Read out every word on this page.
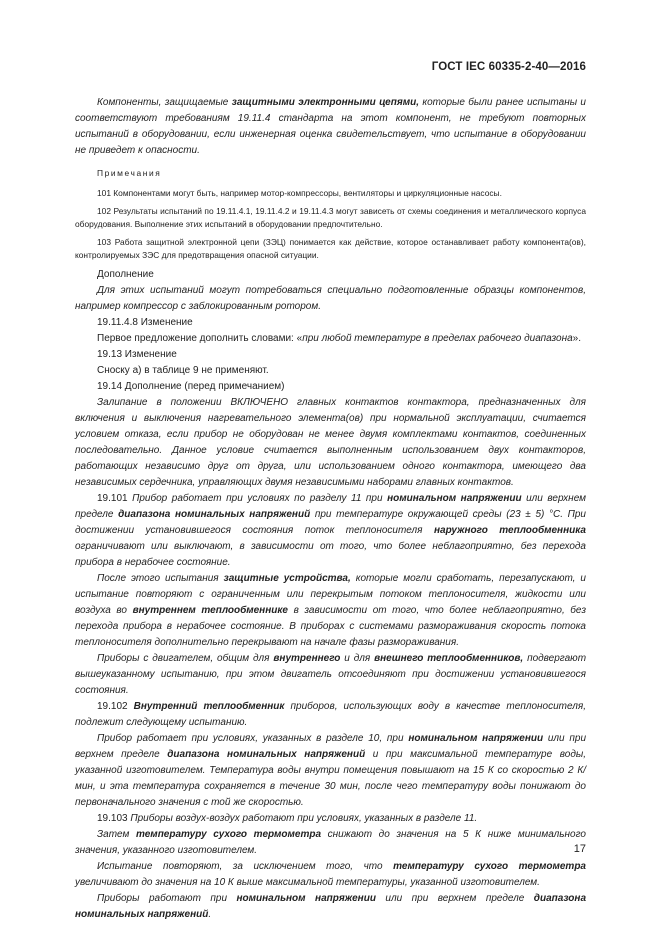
ГОСТ IEC 60335-2-40—2016

Компоненты, защищаемые защитными электронными цепями, которые были ранее испытаны и соответствуют требованиям 19.11.4 стандарта на этот компонент, не требуют повторных испытаний в оборудовании, если инженерная оценка свидетельствует, что испытание в оборудовании не приведет к опасности.

Примечания

101 Компонентами могут быть, например мотор-компрессоры, вентиляторы и циркуляционные насосы.

102 Результаты испытаний по 19.11.4.1, 19.11.4.2 и 19.11.4.3 могут зависеть от схемы соединения и металлического корпуса оборудования. Выполнение этих испытаний в оборудовании предпочтительно.

103 Работа защитной электронной цепи (ЗЭЦ) понимается как действие, которое останавливает работу компонента(ов), контролируемых ЗЭС для предотвращения опасной ситуации.

Дополнение

Для этих испытаний могут потребоваться специально подготовленные образцы компонентов, например компрессор с заблокированным ротором.

19.11.4.8 Изменение

Первое предложение дополнить словами: «при любой температуре в пределах рабочего диапазона».

19.13 Изменение

Сноску а) в таблице 9 не применяют.

19.14 Дополнение (перед примечанием)

Залипание в положении ВКЛЮЧЕНО главных контактов контактора, предназначенных для включения и выключения нагревательного элемента(ов) при нормальной эксплуатации, считается условием отказа, если прибор не оборудован не менее двумя комплектами контактов, соединенных последовательно. Данное условие считается выполненным использованием двух контакторов, работающих независимо друг от друга, или использованием одного контактора, имеющего два независимых сердечника, управляющих двумя независимыми наборами главных контактов.

19.101 Прибор работает при условиях по разделу 11 при номинальном напряжении или верхнем пределе диапазона номинальных напряжений при температуре окружающей среды (23 ± 5) °С. При достижении установившегося состояния поток теплоносителя наружного теплообменника ограничивают или выключают, в зависимости от того, что более неблагоприятно, без перехода прибора в нерабочее состояние.

После этого испытания защитные устройства, которые могли сработать, перезапускают, и испытание повторяют с ограниченным или перекрытым потоком теплоносителя, жидкости или воздуха во внутреннем теплообменнике в зависимости от того, что более неблагоприятно, без перехода прибора в нерабочее состояние. В приборах с системами размораживания скорость потока теплоносителя дополнительно перекрывают на начале фазы размораживания.

Приборы с двигателем, общим для внутреннего и для внешнего теплообменников, подвергают вышеуказанному испытанию, при этом двигатель отсоединяют при достижении установившегося состояния.

19.102 Внутренний теплообменник приборов, использующих воду в качестве теплоносителя, подлежит следующему испытанию.

Прибор работает при условиях, указанных в разделе 10, при номинальном напряжении или при верхнем пределе диапазона номинальных напряжений и при максимальной температуре воды, указанной изготовителем. Температура воды внутри помещения повышают на 15 К со скоростью 2 К/мин, и эта температура сохраняется в течение 30 мин, после чего температуру воды понижают до первоначального значения с той же скоростью.

19.103 Приборы воздух-воздух работают при условиях, указанных в разделе 11.

Затем температуру сухого термометра снижают до значения на 5 К ниже минимального значения, указанного изготовителем.

Испытание повторяют, за исключением того, что температуру сухого термометра увеличивают до значения на 10 К выше максимальной температуры, указанной изготовителем.

Приборы работают при номинальном напряжении или при верхнем пределе диапазона номинальных напряжений.

17
